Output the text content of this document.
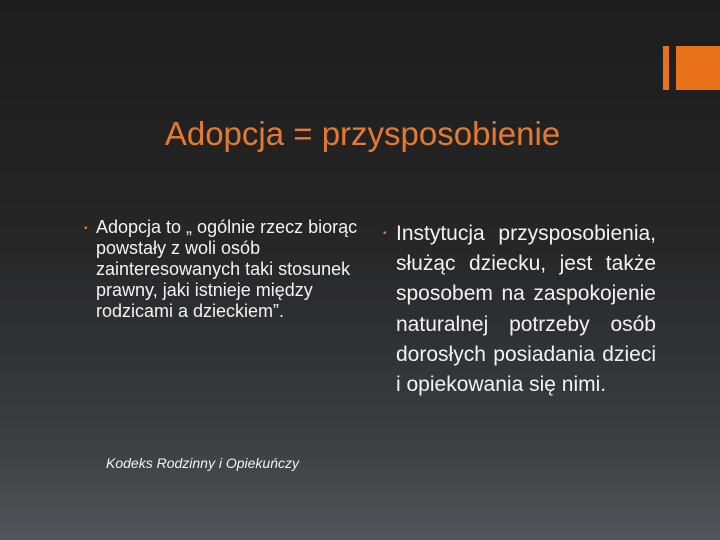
Adopcja = przysposobienie
▪ Adopcja to „ ogólnie rzecz biorąc powstały z woli osób zainteresowanych taki stosunek prawny, jaki istnieje między rodzicami a dzieckiem”.

Kodeks Rodzinny i Opiekuńczy
▪ Instytucja przysposobienia, służąc dziecku, jest także sposobem na zaspokojenie naturalnej potrzeby osób dorosłych posiadania dzieci i opiekowania się nimi.
